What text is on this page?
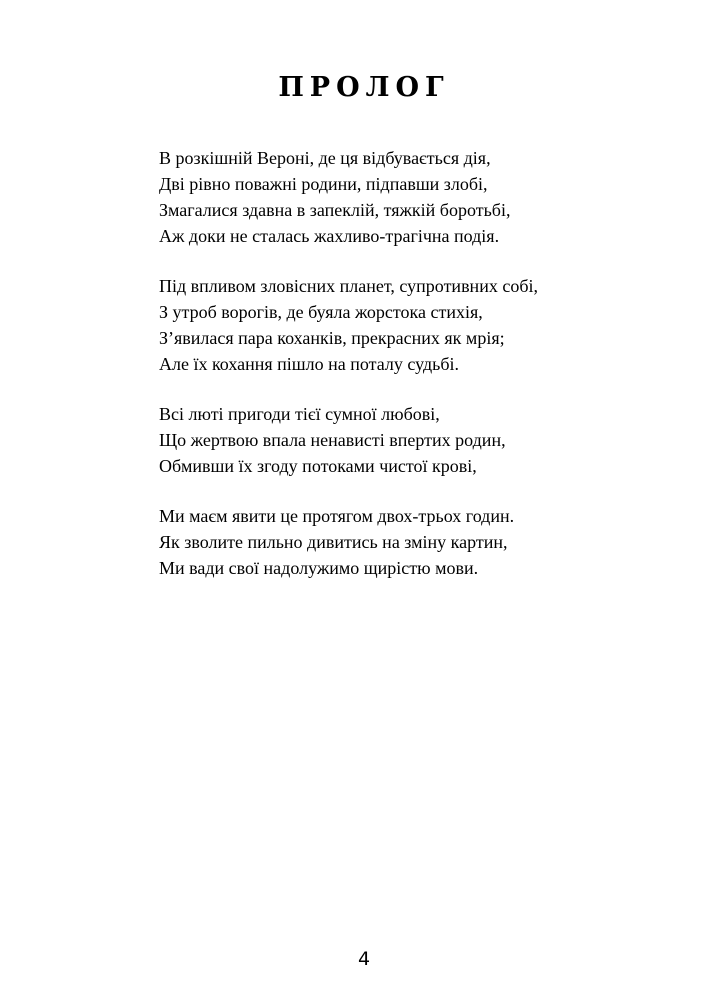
ПРОЛОГ
В розкішній Вероні, де ця відбувається дія,
Дві рівно поважні родини, підпавши злобі,
Змагалися здавна в запеклій, тяжкій боротьбі,
Аж доки не сталась жахливо-трагічна подія.
Під впливом зловісних планет, супротивних собі,
З утроб ворогів, де буяла жорстока стихія,
З’явилася пара коханків, прекрасних як мрія;
Але їх кохання пішло на поталу судьбі.
Всі люті пригоди тієї сумної любові,
Що жертвою впала ненависті впертих родин,
Обмивши їх згоду потоками чистої крові,
Ми маєм явити це протягом двох-трьох годин.
Як зволите пильно дивитись на зміну картин,
Ми вади свої надолужимо щирістю мови.
4
